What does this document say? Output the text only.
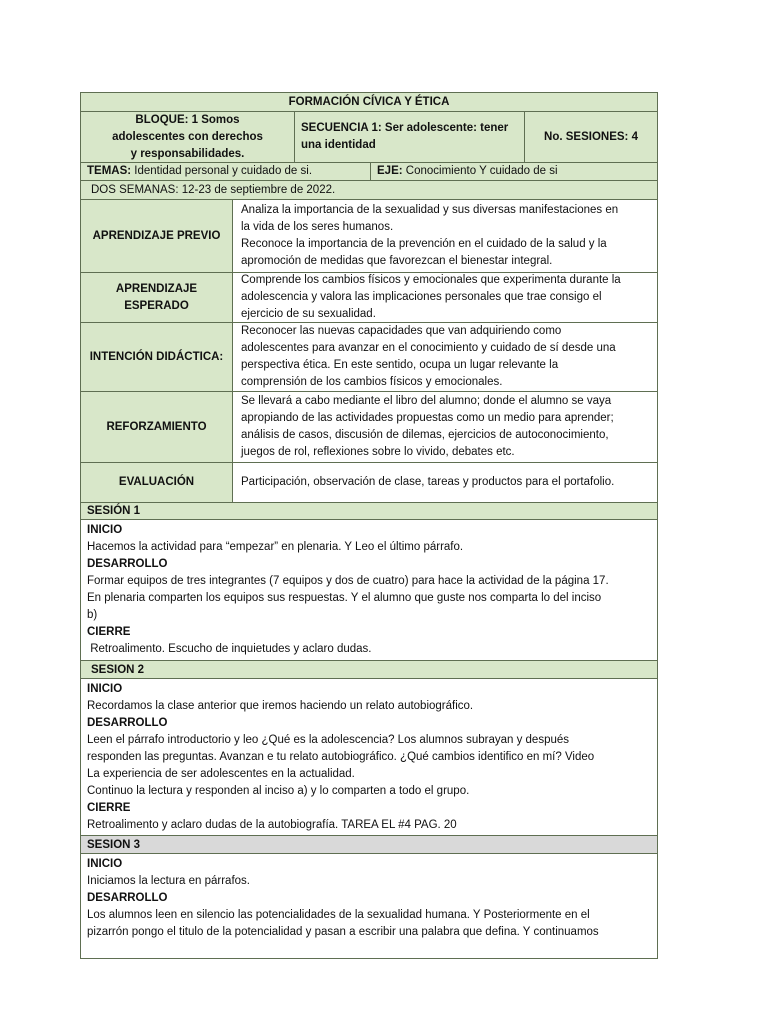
FORMACIÓN CÍVICA Y ÉTICA
BLOQUE: 1 Somos
adolescentes con derechos
y responsabilidades.
SECUENCIA 1: Ser adolescente: tener
una identidad
No. SESIONES: 4
TEMAS: Identidad personal y cuidado de si.	EJE: Conocimiento Y cuidado de si
DOS SEMANAS: 12-23 de septiembre de 2022.
APRENDIZAJE PREVIO
Analiza la importancia de la sexualidad y sus diversas manifestaciones en
la vida de los seres humanos.
Reconoce la importancia de la prevención en el cuidado de la salud y la
apromoción de medidas que favorezcan el bienestar integral.
APRENDIZAJE ESPERADO
Comprende los cambios físicos y emocionales que experimenta durante la
adolescencia y valora las implicaciones personales que trae consigo el
ejercicio de su sexualidad.
INTENCIÓN DIDÁCTICA:
Reconocer las nuevas capacidades que van adquiriendo como
adolescentes para avanzar en el conocimiento y cuidado de sí desde una
perspectiva ética. En este sentido, ocupa un lugar relevante la
comprensión de los cambios físicos y emocionales.
REFORZAMIENTO
Se llevará a cabo mediante el libro del alumno; donde el alumno se vaya
apropiando de las actividades propuestas como un medio para aprender;
análisis de casos, discusión de dilemas, ejercicios de autoconocimiento,
juegos de rol, reflexiones sobre lo vivido, debates etc.
EVALUACIÓN	Participación, observación de clase, tareas y productos para el portafolio.
SESIÓN 1
INICIO
Hacemos la actividad para “empezar” en plenaria. Y Leo el último párrafo.
DESARROLLO
Formar equipos de tres integrantes (7 equipos y dos de cuatro) para hace la actividad de la página 17.
En plenaria comparten los equipos sus respuestas. Y el alumno que guste nos comparta lo del inciso
b)
CIERRE
Retroalimento. Escucho de inquietudes y aclaro dudas.
SESION 2
INICIO
Recordamos la clase anterior que iremos haciendo un relato autobiográfico.
DESARROLLO
Leen el párrafo introductorio y leo ¿Qué es la adolescencia? Los alumnos subrayan y después
responden las preguntas. Avanzan e tu relato autobiográfico. ¿Qué cambios identifico en mí? Video
La experiencia de ser adolescentes en la actualidad.
Continuo la lectura y responden al inciso a) y lo comparten a todo el grupo.
CIERRE
Retroalimento y aclaro dudas de la autobiografía. TAREA EL #4 PAG. 20
SESION 3
INICIO
Iniciamos la lectura en párrafos.
DESARROLLO
Los alumnos leen en silencio las potencialidades de la sexualidad humana. Y Posteriormente en el
pizarrón pongo el titulo de la potencialidad y pasan a escribir una palabra que defina. Y continuamos
